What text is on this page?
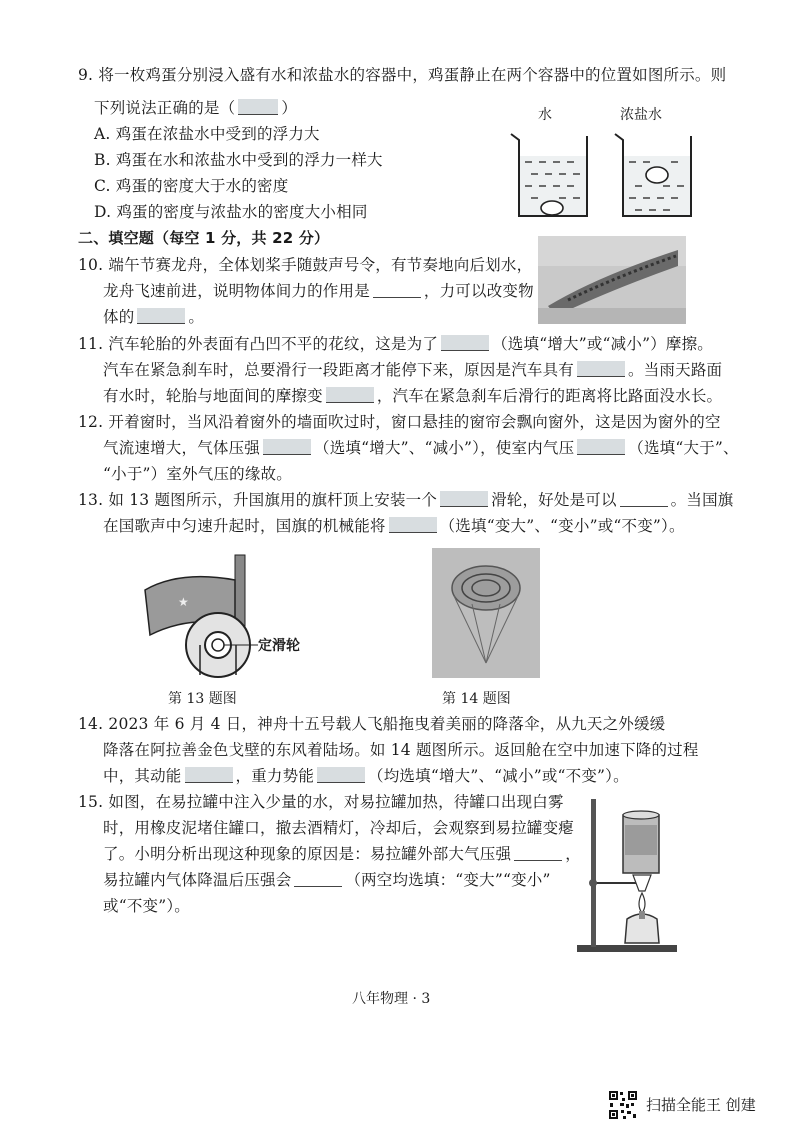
9. 将一枚鸡蛋分别浸入盛有水和浓盐水的容器中，鸡蛋静止在两个容器中的位置如图所示。则
下列说法正确的是（	）
A. 鸡蛋在浓盐水中受到的浮力大
B. 鸡蛋在水和浓盐水中受到的浮力一样大
C. 鸡蛋的密度大于水的密度
D. 鸡蛋的密度与浓盐水的密度大小相同
水	浓盐水
二、填空题（每空 1 分，共 22 分）
10. 端午节赛龙舟，全体划桨手随鼓声号令，有节奏地向后划水，
龙舟飞速前进，说明物体间力的作用是	，力可以改变物
体的	。
11. 汽车轮胎的外表面有凸凹不平的花纹，这是为了	（选填“增大”或“减小”）摩擦。
汽车在紧急刹车时，总要滑行一段距离才能停下来，原因是汽车具有	。当雨天路面
有水时，轮胎与地面间的摩擦变	，汽车在紧急刹车后滑行的距离将比路面没水长。
12. 开着窗时，当风沿着窗外的墙面吹过时，窗口悬挂的窗帘会飘向窗外，这是因为窗外的空
气流速增大，气体压强	（选填“增大”、“减小”），使室内气压	（选填“大于”、
“小于”）室外气压的缘故。
13. 如 13 题图所示，升国旗用的旗杆顶上安装一个	滑轮，好处是可以	。当国旗
在国歌声中匀速升起时，国旗的机械能将	（选填“变大”、“变小”或“不变”）。
★
定滑轮
第 13 题图	第 14 题图
14. 2023 年 6 月 4 日，神舟十五号载人飞船拖曳着美丽的降落伞，从九天之外缓缓
降落在阿拉善金色戈壁的东风着陆场。如 14 题图所示。返回舱在空中加速下降的过程
中，其动能	，重力势能	（均选填“增大”、“减小”或“不变”）。
15. 如图，在易拉罐中注入少量的水，对易拉罐加热，待罐口出现白雾
时，用橡皮泥堵住罐口，撤去酒精灯，冷却后，会观察到易拉罐变瘪
了。小明分析出现这种现象的原因是：易拉罐外部大气压强	，
易拉罐内气体降温后压强会	（两空均选填：“变大”“变小”
或“不变”）。
八年物理 · 3
扫描全能王 创建
